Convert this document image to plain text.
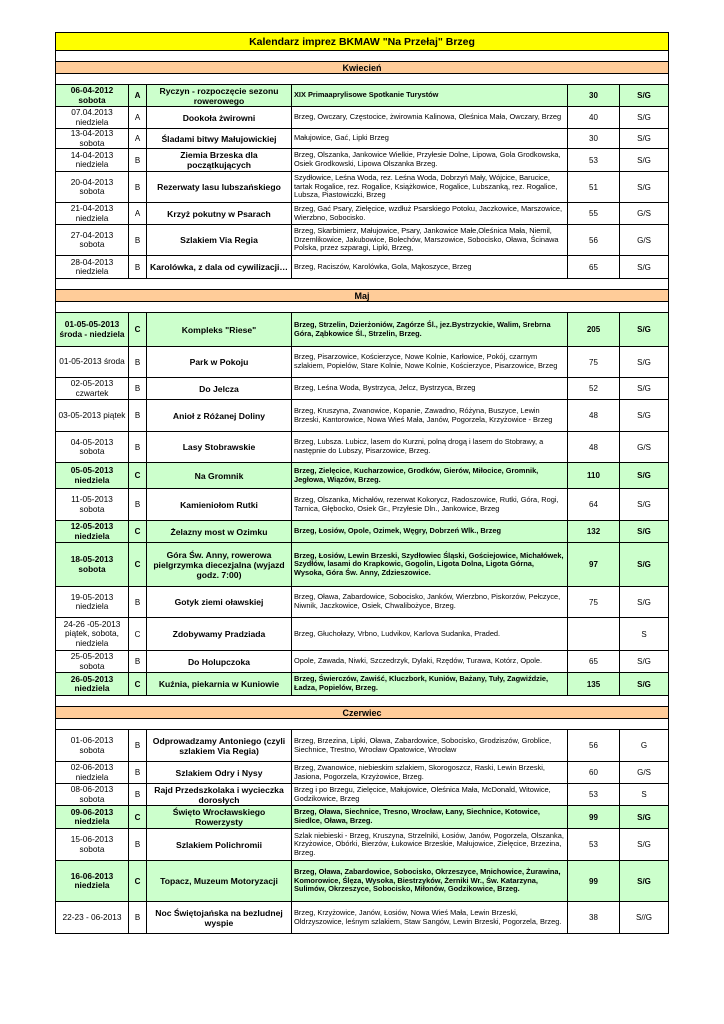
Kalendarz imprez BKMAW "Na Przełaj" Brzeg					

Kwiecień					

06-04-2012 sobota	A	Ryczyn - rozpoczęcie sezonu rowerowego	XIX Primaaprylisowe Spotkanie Turystów	30	S/G
07.04.2013 niedziela	A	Dookoła żwirowni	Brzeg, Owczary, Częstocice, żwirownia Kalinowa, Oleśnica Mała, Owczary, Brzeg	40	S/G
13-04-2013 sobota	A	Śladami bitwy Małujowickiej	Małujowice, Gać, Lipki Brzeg	30	S/G
14-04-2013 niedziela	B	Ziemia Brzeska dla początkujących	Brzeg, Olszanka, Jankowice Wielkie, Przyłesie Dolne, Lipowa, Gola Grodkowska, Osiek Grodkowski, Lipowa Olszanka Brzeg.	53	S/G
20-04-2013 sobota	B	Rezerwaty lasu lubszańskiego	Szydłowice, Leśna Woda, rez. Leśna Woda, Dobrzyń Mały, Wójcice, Barucice, tartak Rogalice, rez. Rogalice, Książkowice, Rogalice, Lubszanką, rez. Rogalice, Lubsza, Piastowiczki, Brzeg	51	S/G
21-04-2013 niedziela	A	Krzyż pokutny w Psarach	Brzeg, Gać Psary, Zielęcice, wzdłuż Psarskiego Potoku, Jaczkowice, Marszowice, Wierzbno, Sobocisko.	55	G/S
27-04-2013 sobota	B	Szlakiem Via Regia	Brzeg, Skarbimierz, Małujowice, Psary, Jankowice Małe,Oleśnica Mała, Niemil, Drzemlikowice, Jakubowice, Bolechów, Marszowice, Sobocisko, Oława, Ścinawa Polska, przez szparagi, Lipki, Brzeg,	56	G/S
28-04-2013 niedziela	B	Karolówka, z dala od cywilizacji…	Brzeg, Raciszów, Karolówka, Gola, Mąkoszyce, Brzeg	65	S/G

Maj					

01-05-05-2013 środa - niedziela	C	Kompleks "Riese"	Brzeg, Strzelin, Dzierżoniów, Zagórze Śl., jez.Bystrzyckie, Walim, Srebrna Góra, Ząbkowice Śl., Strzelin, Brzeg.	205	S/G
01-05-2013 środa	B	Park w Pokoju	Brzeg, Pisarzowice, Kościerzyce, Nowe Kolnie, Karłowice, Pokój, czarnym szlakiem, Popielów, Stare Kolnie, Nowe Kolnie, Kościerzyce, Pisarzowice, Brzeg	75	S/G
02-05-2013 czwartek	B	Do Jelcza	Brzeg, Leśna Woda, Bystrzyca, Jelcz, Bystrzyca, Brzeg	52	S/G
03-05-2013 piątek	B	Anioł z Różanej Doliny	Brzeg, Kruszyna, Zwanowice, Kopanie, Zawadno, Różyna, Buszyce, Lewin Brzeski, Kantorowice, Nowa Wieś Mała, Janów, Pogorzela, Krzyżowice - Brzeg	48	S/G
04-05-2013 sobota	B	Lasy Stobrawskie	Brzeg, Lubsza. Lubicz, lasem do Kurzni, polną drogą i lasem do Stobrawy, a następnie do Lubszy, Pisarzowice, Brzeg.	48	G/S
05-05-2013 niedziela	C	Na Gromnik	Brzeg, Zielęcice, Kucharzowice, Grodków, Gierów, Miłocice, Gromnik, Jegłowa, Wiązów, Brzeg.	110	S/G
11-05-2013 sobota	B	Kamieniołom Rutki	Brzeg, Olszanka, Michałów, rezerwat Kokorycz, Radoszowice, Rutki, Góra, Rogi, Tarnica, Głębocko, Osiek Gr., Przyłesie Dln., Jankowice, Brzeg	64	S/G
12-05-2013 niedziela	C	Żelazny most w Ozimku	Brzeg, Łosiów, Opole, Ozimek, Węgry, Dobrzeń Wlk., Brzeg	132	S/G
18-05-2013 sobota	C	Góra Św. Anny, rowerowa pielgrzymka diecezjalna (wyjazd godz. 7:00)	Brzeg, Łosiów, Lewin Brzeski, Szydłowiec Śląski, Gościejowice, Michałówek, Szydłów, lasami do Krapkowic, Gogolin, Ligota Dolna, Ligota Górna, Wysoka, Góra Św. Anny, Zdzieszowice.	97	S/G
19-05-2013 niedziela	B	Gotyk ziemi oławskiej	Brzeg, Oława, Zabardowice, Sobocisko, Janków, Wierzbno, Piskorzów, Pełczyce, Niwnik, Jaczkowice, Osiek, Chwalibożyce, Brzeg.	75	S/G
24-26 -05-2013 piątek, sobota, niedziela	C	Zdobywamy Pradziada	Brzeg, Głuchołazy, Vrbno, Ludvikov, Karlova Sudanka, Praded.		S
25-05-2013 sobota	B	Do Holupczoka	Opole, Zawada, Niwki, Szczedrzyk, Dylaki, Rzędów, Turawa, Kotórz, Opole.	65	S/G
26-05-2013 niedziela	C	Kuźnia, piekarnia w Kuniowie	Brzeg, Świerczów, Zawiść, Kluczbork, Kuniów, Bażany, Tuły, Zagwiździe, Ładza, Popielów, Brzeg.	135	S/G

Czerwiec					

01-06-2013 sobota	B	Odprowadzamy Antoniego (czyli szlakiem Via Regia)	Brzeg, Brzezina, Lipki, Oława, Zabardowice, Sobocisko, Grodziszów, Groblice, Siechnice, Trestno, Wrocław Opatowice, Wrocław	56	G
02-06-2013 niedziela	B	Szlakiem Odry i Nysy	Brzeg, Zwanowice, niebieskim szlakiem, Skorogoszcz, Raski, Lewin Brzeski, Jasiona, Pogorzela, Krzyżowice, Brzeg.	60	G/S
08-06-2013 sobota	B	Rajd Przedszkolaka i wycieczka dorosłych	Brzeg i po Brzegu, Zielęcice, Małujowice, Oleśnica Mała, McDonald, Witowice, Godzikowice, Brzeg	53	S
09-06-2013 niedziela	C	Święto Wrocławskiego Rowerzysty	Brzeg, Oława, Siechnice, Tresno, Wrocław, Łany, Siechnice, Kotowice, Siedlce, Oława, Brzeg.	99	S/G
15-06-2013 sobota	B	Szlakiem Polichromii	Szlak niebieski - Brzeg, Kruszyna, Strzelniki, Łosiów, Janów, Pogorzela, Olszanka, Krzyżowice, Obórki, Bierzów, Łukowice Brzeskie, Małujowice, Zielęcice, Brzezina, Brzeg.	53	S/G
16-06-2013 niedziela	C	Topacz, Muzeum Motoryzacji	Brzeg, Oława, Zabardowice, Sobocisko, Okrzeszyce, Mnichowice, Żurawina, Komorowice, Ślęza, Wysoka, Biestrzyków, Żerniki Wr., Św. Katarzyna, Sulimów, Okrzeszyce, Sobocisko, Miłonów, Godzikowice, Brzeg.	99	S/G
22-23 - 06-2013	B	Noc Świętojańska na bezludnej wyspie	Brzeg, Krzyżowice, Janów, Łosiów, Nowa Wieś Mała, Lewin Brzeski, Oldrzyszowice, leśnym szlakiem, Staw Sangów, Lewin Brzeski, Pogorzela, Brzeg.	38	S//G
